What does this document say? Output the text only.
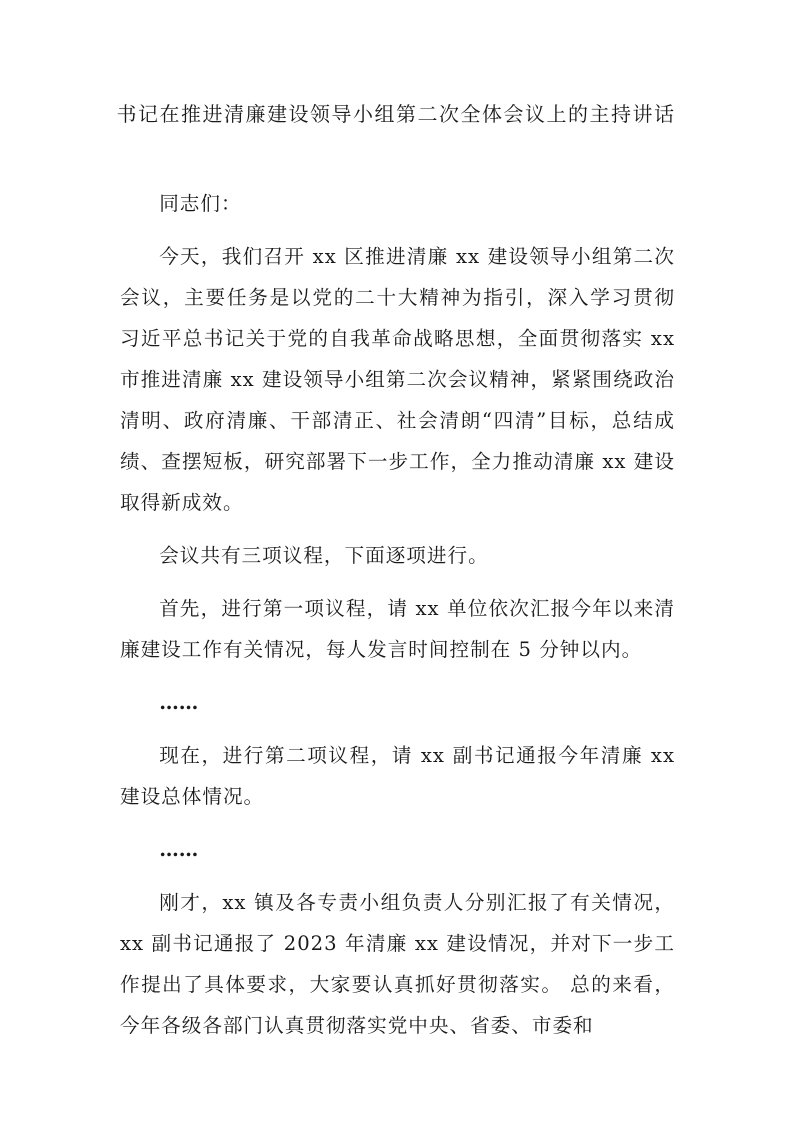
书记在推进清廉建设领导小组第二次全体会议上的主持讲话

同志们：

今天，我们召开 xx 区推进清廉 xx 建设领导小组第二次会议，主要任务是以党的二十大精神为指引，深入学习贯彻习近平总书记关于党的自我革命战略思想，全面贯彻落实 xx 市推进清廉 xx 建设领导小组第二次会议精神，紧紧围绕政治清明、政府清廉、干部清正、社会清朗“四清”目标，总结成绩、查摆短板，研究部署下一步工作，全力推动清廉 xx 建设取得新成效。

会议共有三项议程，下面逐项进行。

首先，进行第一项议程，请 xx 单位依次汇报今年以来清廉建设工作有关情况，每人发言时间控制在 5 分钟以内。

……

现在，进行第二项议程，请 xx 副书记通报今年清廉 xx 建设总体情况。

……

刚才，xx 镇及各专责小组负责人分别汇报了有关情况，xx 副书记通报了 2023 年清廉 xx 建设情况，并对下一步工作提出了具体要求，大家要认真抓好贯彻落实。 总的来看，今年各级各部门认真贯彻落实党中央、省委、市委和
